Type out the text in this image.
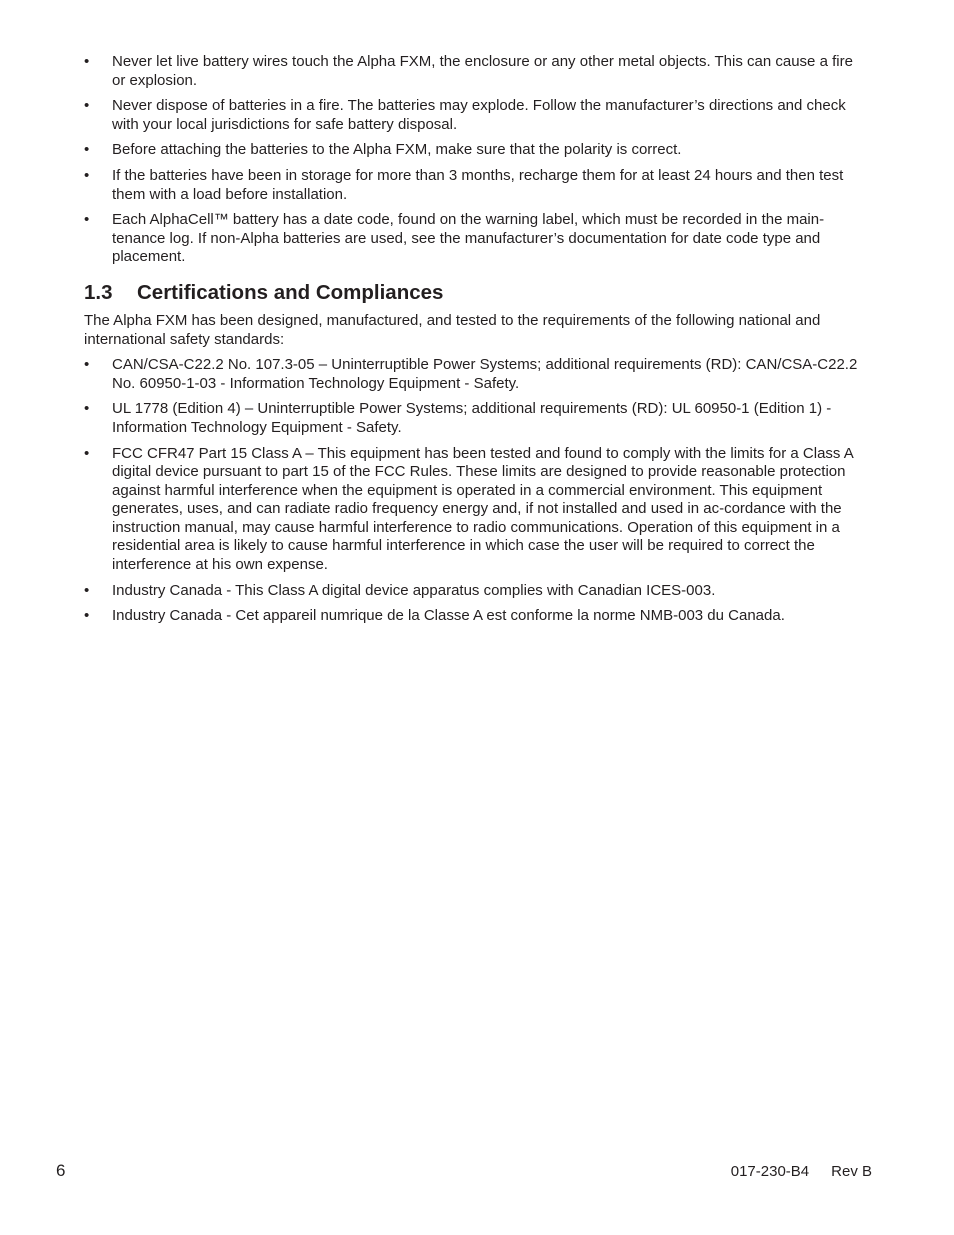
•	Never let live battery wires touch the Alpha FXM, the enclosure or any other metal objects. This can cause a fire or explosion.
•	Never dispose of batteries in a fire. The batteries may explode. Follow the manufacturer’s directions and check with your local jurisdictions for safe battery disposal.
•	Before attaching the batteries to the Alpha FXM, make sure that the polarity is correct.
•	If the batteries have been in storage for more than 3 months, recharge them for at least 24 hours and then test them with a load before installation.
•	Each AlphaCell™ battery has a date code, found on the warning label, which must be recorded in the main-tenance log. If non-Alpha batteries are used, see the manufacturer’s documentation for date code type and placement.
1.3 Certifications and Compliances

The Alpha FXM has been designed, manufactured, and tested to the requirements of the following national and international safety standards:

•	CAN/CSA-C22.2 No. 107.3-05 – Uninterruptible Power Systems; additional requirements (RD): CAN/CSA-C22.2 No. 60950-1-03 - Information Technology Equipment - Safety.
•	UL 1778 (Edition 4) – Uninterruptible Power Systems; additional requirements (RD): UL 60950-1 (Edition 1) - Information Technology Equipment - Safety.
•	FCC CFR47 Part 15 Class A – This equipment has been tested and found to comply with the limits for a Class A digital device pursuant to part 15 of the FCC Rules. These limits are designed to provide reasonable protection against harmful interference when the equipment is operated in a commercial environment. This equipment generates, uses, and can radiate radio frequency energy and, if not installed and used in ac-cordance with the instruction manual, may cause harmful interference to radio communications. Operation of this equipment in a residential area is likely to cause harmful interference in which case the user will be required to correct the interference at his own expense.
•	Industry Canada - This Class A digital device apparatus complies with Canadian ICES-003.
•	Industry Canada - Cet appareil numrique de la Classe A est conforme la norme NMB-003 du Canada.
6	017-230-B4 Rev B
